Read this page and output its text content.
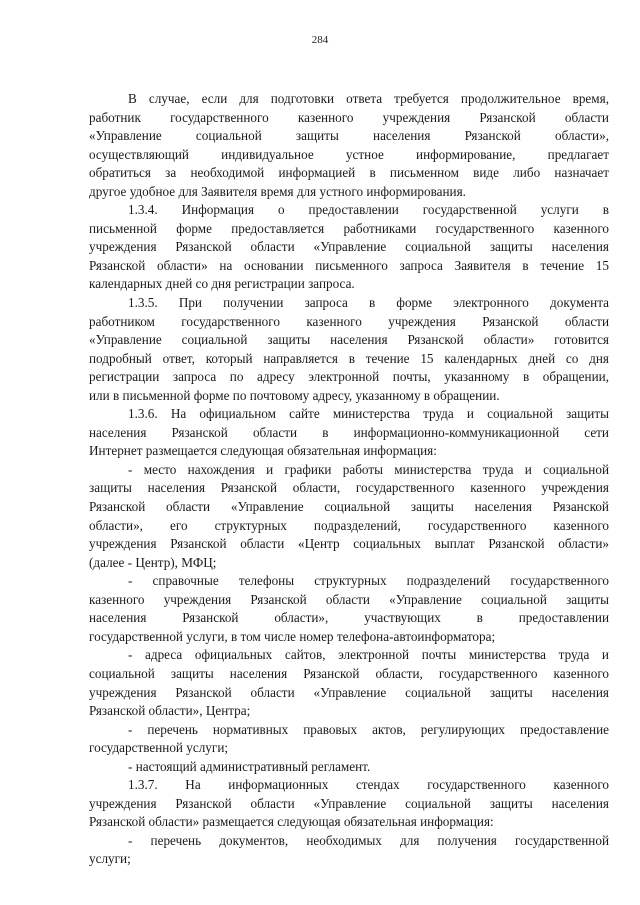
284
В случае, если для подготовки ответа требуется продолжительное время,
работник государственного казенного учреждения Рязанской области
«Управление социальной защиты населения Рязанской области»,
осуществляющий индивидуальное устное информирование, предлагает
обратиться за необходимой информацией в письменном виде либо назначает
другое удобное для Заявителя время для устного информирования.
1.3.4. Информация о предоставлении государственной услуги в
письменной форме предоставляется работниками государственного казенного
учреждения Рязанской области «Управление социальной защиты населения
Рязанской области» на основании письменного запроса Заявителя в течение 15
календарных дней со дня регистрации запроса.
1.3.5. При получении запроса в форме электронного документа
работником государственного казенного учреждения Рязанской области
«Управление социальной защиты населения Рязанской области» готовится
подробный ответ, который направляется в течение 15 календарных дней со дня
регистрации запроса по адресу электронной почты, указанному в обращении,
или в письменной форме по почтовому адресу, указанному в обращении.
1.3.6. На официальном сайте министерства труда и социальной защиты
населения Рязанской области в информационно-коммуникационной сети
Интернет размещается следующая обязательная информация:
- место нахождения и графики работы министерства труда и социальной
защиты населения Рязанской области, государственного казенного учреждения
Рязанской области «Управление социальной защиты населения Рязанской
области», его структурных подразделений, государственного казенного
учреждения Рязанской области «Центр социальных выплат Рязанской области»
(далее - Центр), МФЦ;
- справочные телефоны структурных подразделений государственного
казенного учреждения Рязанской области «Управление социальной защиты
населения Рязанской области», участвующих в предоставлении
государственной услуги, в том числе номер телефона-автоинформатора;
- адреса официальных сайтов, электронной почты министерства труда и
социальной защиты населения Рязанской области, государственного казенного
учреждения Рязанской области «Управление социальной защиты населения
Рязанской области», Центра;
- перечень нормативных правовых актов, регулирующих предоставление
государственной услуги;
- настоящий административный регламент.
1.3.7. На информационных стендах государственного казенного
учреждения Рязанской области «Управление социальной защиты населения
Рязанской области» размещается следующая обязательная информация:
- перечень документов, необходимых для получения государственной
услуги;
